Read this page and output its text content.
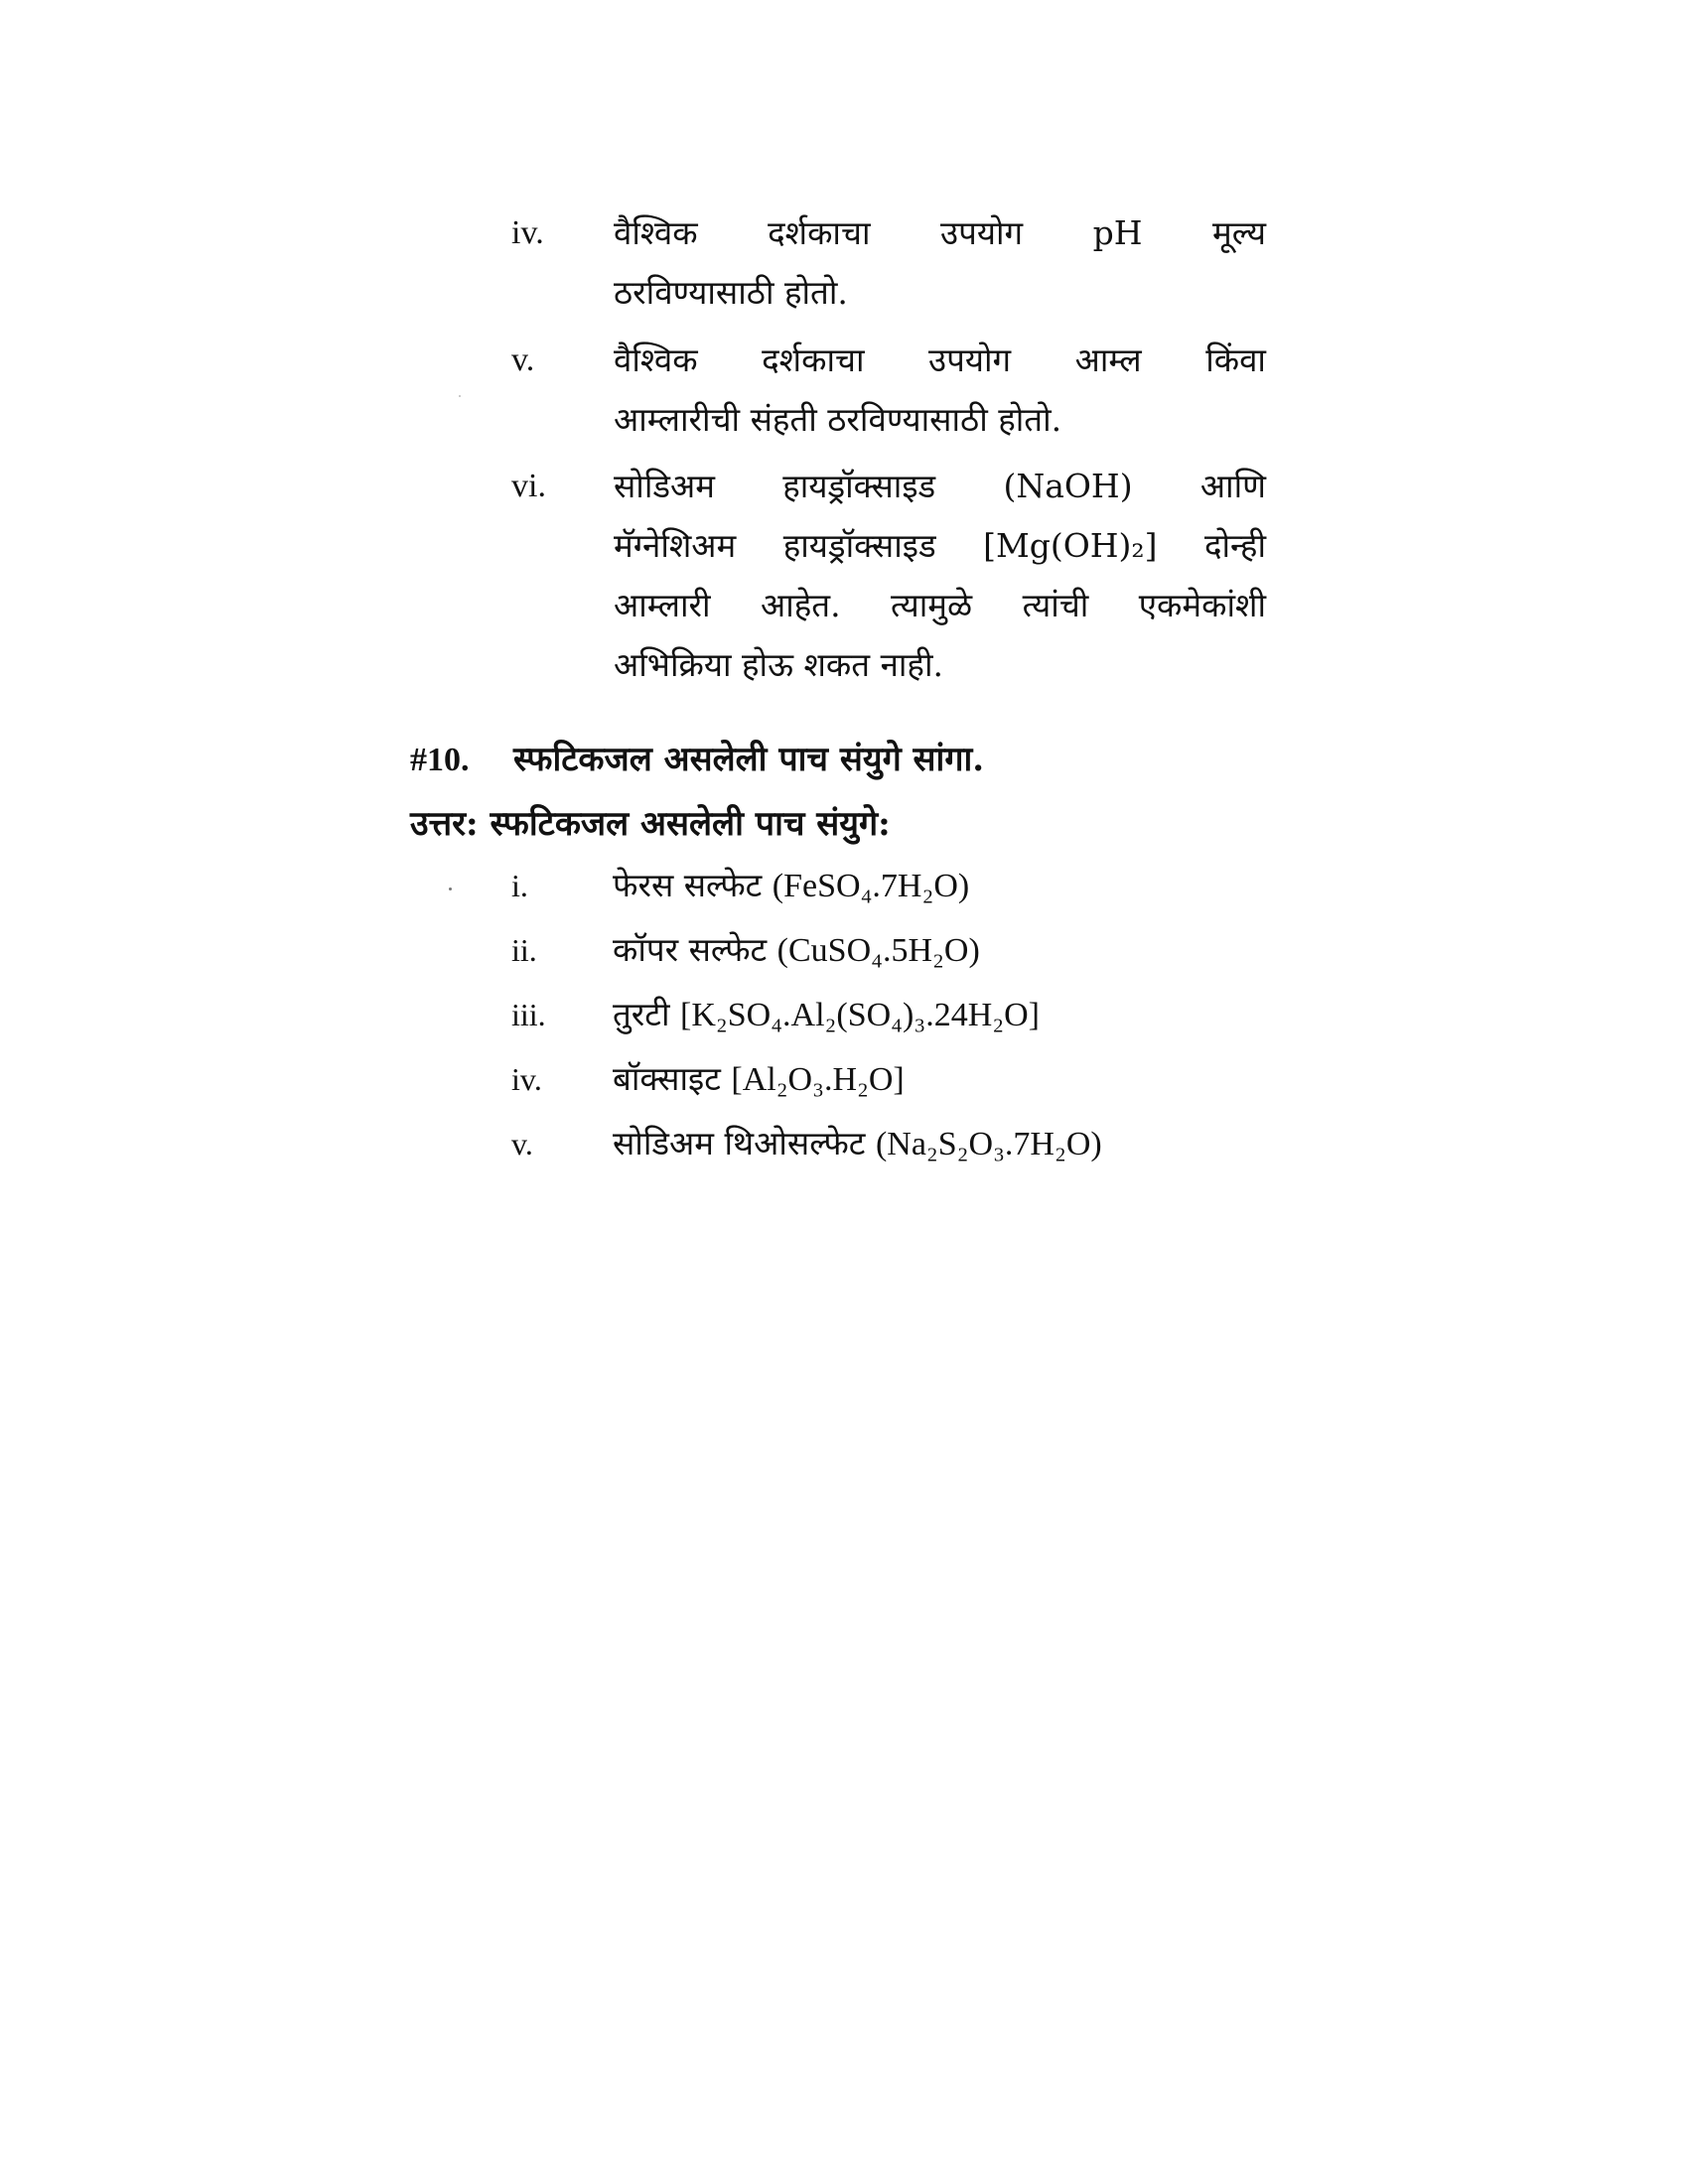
iv. वैश्विक दर्शकाचा उपयोग pH मूल्य
ठरविण्यासाठी होतो.
v. वैश्विक दर्शकाचा उपयोग आम्ल किंवा
आम्लारीची संहती ठरविण्यासाठी होतो.
vi. सोडिअम हायड्रॉक्साइड (NaOH) आणि
मॅग्नेशिअम हायड्रॉक्साइड [Mg(OH)₂] दोन्ही
आम्लारी आहेत. त्यामुळे त्यांची एकमेकांशी
अभिक्रिया होऊ शकत नाही.
#10. स्फटिकजल असलेली पाच संयुगे सांगा.
उत्तर: स्फटिकजल असलेली पाच संयुगे:
i.	फेरस सल्फेट (FeSO₄.7H₂O)
ii. कॉपर सल्फेट (CuSO₄.5H₂O)
iii. तुरटी [K₂SO₄.Al₂(SO₄)₃.24H₂O]
iv. बॉक्साइट [Al₂O₃.H₂O]
v. सोडिअम थिओसल्फेट (Na₂S₂O₃.7H₂O)
